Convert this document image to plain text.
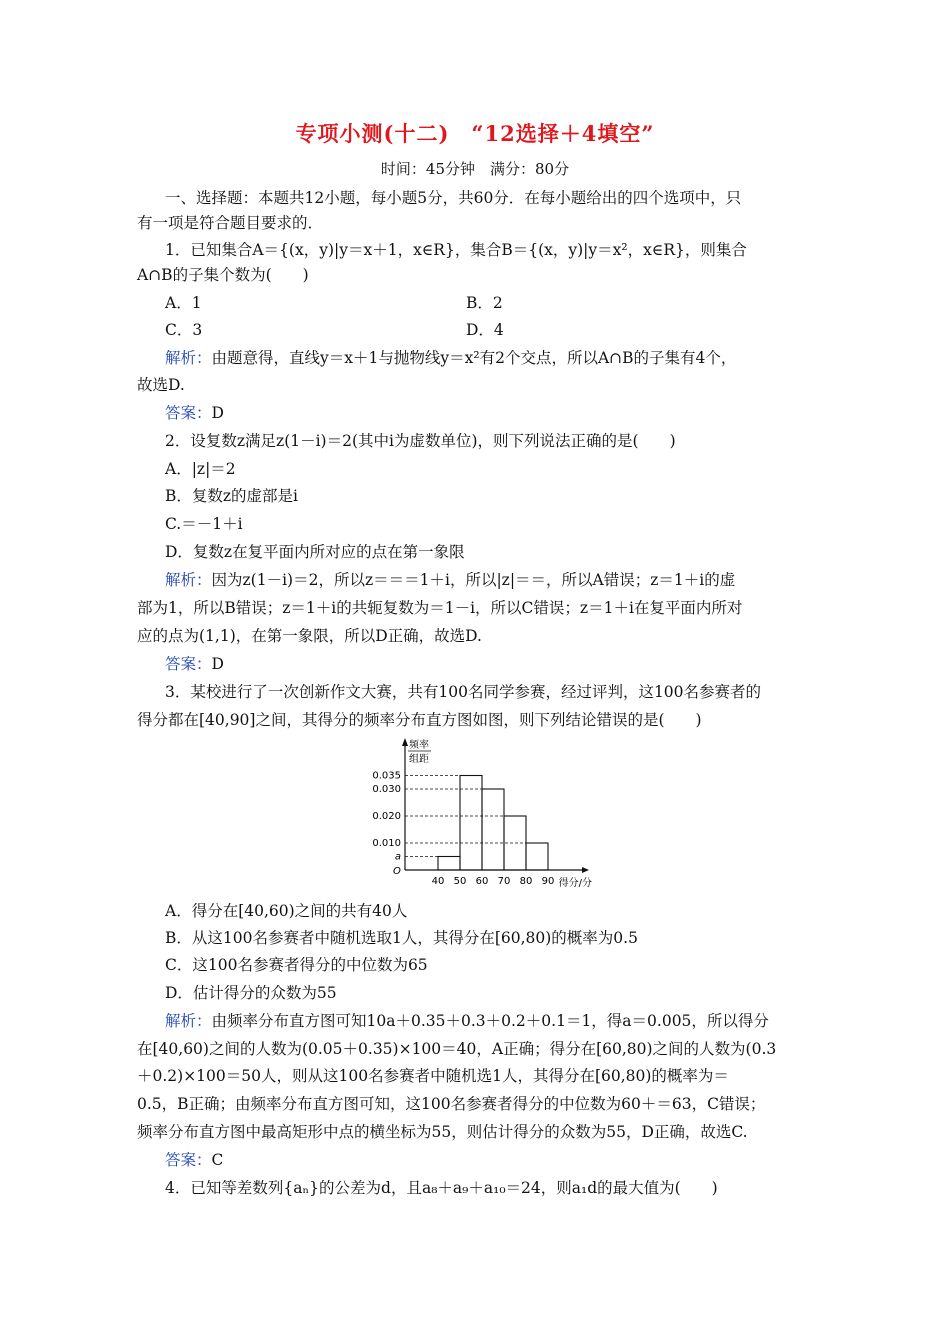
专项小测(十二)　“12选择＋4填空”
时间：45分钟　满分：80分
一、选择题：本题共12小题，每小题5分，共60分．在每小题给出的四个选项中，只
有一项是符合题目要求的．
1．已知集合A＝{(x，y)|y＝x＋1，x∈R}，集合B＝{(x，y)|y＝x²，x∈R}，则集合
A∩B的子集个数为(　　)
A．1	B．2
C．3	D．4
解析：由题意得，直线y＝x＋1与抛物线y＝x²有2个交点，所以A∩B的子集有4个，
故选D.
答案：D
2．设复数z满足z(1－i)＝2(其中i为虚数单位)，则下列说法正确的是(　　)
A．|z|＝2
B．复数z的虚部是i
C.＝－1＋i
D．复数z在复平面内所对应的点在第一象限
解析：因为z(1－i)＝2，所以z＝＝＝1＋i，所以|z|＝＝，所以A错误；z＝1＋i的虚
部为1，所以B错误；z＝1＋i的共轭复数为＝1－i，所以C错误；z＝1＋i在复平面内所对
应的点为(1,1)，在第一象限，所以D正确，故选D.
答案：D
3．某校进行了一次创新作文大赛，共有100名同学参赛，经过评判，这100名参赛者的
得分都在[40,90]之间，其得分的频率分布直方图如图，则下列结论错误的是(　　)
频率
组距
O
a
0.010
0.020
0.030
0.035
40 50 60 70 80 90 得分/分
A．得分在[40,60)之间的共有40人
B．从这100名参赛者中随机选取1人，其得分在[60,80)的概率为0.5
C．这100名参赛者得分的中位数为65
D．估计得分的众数为55
解析：由频率分布直方图可知10a＋0.35＋0.3＋0.2＋0.1＝1，得a＝0.005，所以得分
在[40,60)之间的人数为(0.05＋0.35)×100＝40，A正确；得分在[60,80)之间的人数为(0.3
＋0.2)×100＝50人，则从这100名参赛者中随机选1人，其得分在[60,80)的概率为＝
0.5，B正确；由频率分布直方图可知，这100名参赛者得分的中位数为60＋＝63，C错误；
频率分布直方图中最高矩形中点的横坐标为55，则估计得分的众数为55，D正确，故选C.
答案：C
4．已知等差数列{aₙ}的公差为d，且a₈＋a₉＋a₁₀＝24，则a₁d的最大值为(　　)
